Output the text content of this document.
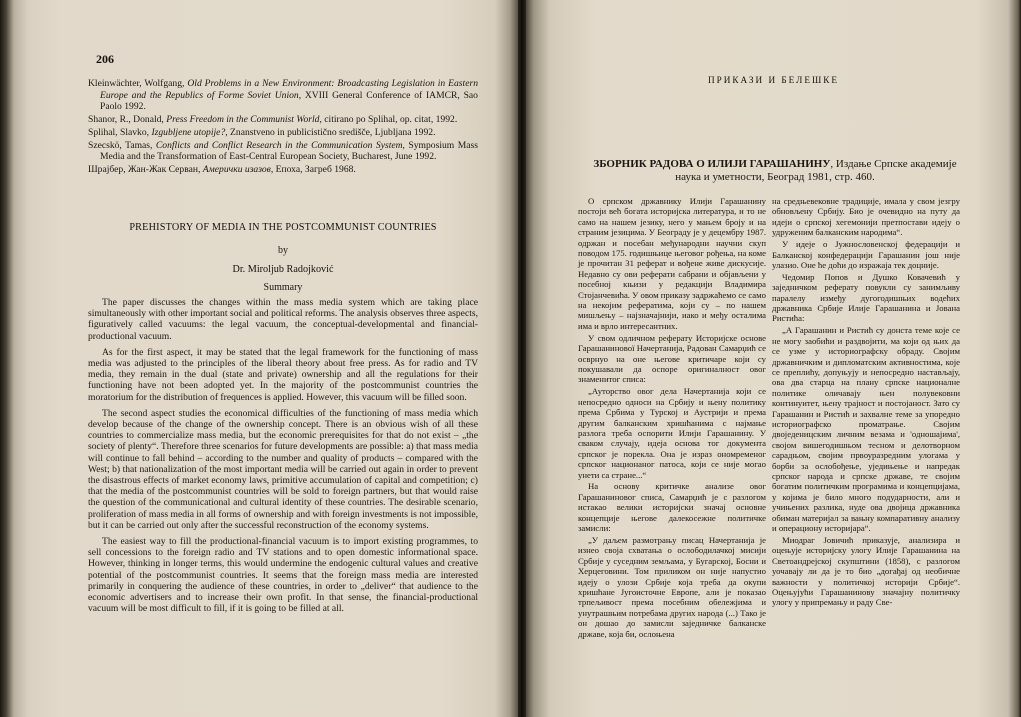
206
Kleinwächter, Wolfgang, Old Problems in a New Environment: Broadcasting Legislation in Eastern Europe and the Republics of Forme Soviet Union, XVIII General Conference of IAMCR, Sao Paolo 1992.
Shanor, R., Donald, Press Freedom in the Communist World, citirano po Splihal, op. citat, 1992.
Splihal, Slavko, Izgubljene utopije?, Znanstveno in publicistično središče, Ljubljana 1992.
Szecskö, Tamas, Conflicts and Conflict Research in the Communication System, Symposium Mass Media and the Transformation of East-Central European Society, Bucharest, June 1992.
Шрајбер, Жан-Жак Серван, Амерички изазов, Епоха, Загреб 1968.
PREHISTORY OF MEDIA IN THE POSTCOMMUNIST COUNTRIES
by
Dr. Miroljub Radojković
Summary

The paper discusses the changes within the mass media system which are taking place simultaneously with other important social and political reforms. The analysis observes three aspects, figuratively called vacuums: the legal vacuum, the conceptual-developmental and financial-productional vacuum.

As for the first aspect, it may be stated that the legal framework for the functioning of mass media was adjusted to the principles of the liberal theory about free press. As for radio and TV media, they remain in the dual (state and private) ownership and all the regulations for their functioning have not been adopted yet. In the majority of the postcommunist countries the moratorium for the distribution of frequences is applied. However, this vacuum will be filled soon.

The second aspect studies the economical difficulties of the functioning of mass media which develop because of the change of the ownership concept. There is an obvious wish of all these countries to commercialize mass media, but the economic prerequisites for that do not exist – „the society of plenty“. Therefore three scenarios for future developments are possible: a) that mass media will continue to fall behind – according to the number and quality of products – compared with the West; b) that nationalization of the most important media will be carried out again in order to prevent the disastrous effects of market economy laws, primitive accumulation of capital and competition; c) that the media of the postcommunist countries will be sold to foreign partners, but that would raise the question of the communicational and cultural identity of these countries. The desirable scenario, proliferation of mass media in all forms of ownership and with foreign investments is not impossible, but it can be carried out only after the successful reconstruction of the economy systems.

The easiest way to fill the productional-financial vacuum is to import existing programmes, to sell concessions to the foreign radio and TV stations and to open domestic informational space. However, thinking in longer terms, this would undermine the endogenic cultural values and creative potential of the postcommunist countries. It seems that the foreign mass media are interested primarily in conquering the audience of these countries, in order to „deliver“ that audience to the economic advertisers and to increase their own profit. In that sense, the financial-productional vacuum will be most difficult to fill, if it is going to be filled at all.

ПРИКАЗИ И БЕЛЕШКЕ
ЗБОРНИК РАДОВА О ИЛИЈИ ГАРАШАНИНУ, Издање Српске академије наука и уметности, Београд 1981, стр. 460.

О српском државнику Илији Гарашанину постоји већ богата историјска литература, и то не само на нашем језику, него у мањем броју и на страним језицима. У Београду је у децембру 1987. одржан и посебан међународни научни скуп поводом 175. годишњице његовог рођења, на коме је прочитан 31 реферат и вођене живе дискусије. Недавно су ови реферати сабрани и објављени у посебној књизи у редакцији Владимира Стојанчевића. У овом приказу задржаћемо се само на некојим рефератима, који су – по нашем мишљењу – најзначајнији, иако и међу осталима има и врло интересантних.

У свом одличном реферату Историјске основе Гарашанинової Начертанија, Радован Самарџић се осврнуо на оне његове критичаре који су покушавали да оспоре оригиналност овог знаменитог списа:

„Ауторство овог дела Начертанија који се непосредно односи на Србију и њену политику према Србима у Турској и Аустрији и према другим балканским хришћанима с најмање разлога треба оспорити Илији Гарашанину. У сваком случају, идеја основа тог документа српског је порекла. Она је израз ономременог српског национаног патоса, који се није могао унети са стране...“

На основу критичке анализе овог Гарашаниновог списа, Самарџић је с разлогом истакао велики историјски значај основне концепције његове далекосежне политичке замисли:

„У даљем размотрању писац Начертанија је изнео своја схватања о ослободилачкој мисији Србије у суседним земљама, у Бугарској, Босни и Херцеговини. Том приликом он није напустио идеју о улози Србије која треба да окупи хришћане Југоисточне Европе, али је показао трпељивост према посебним обележјима и унутрашњим потребама других народа (...) Тако је он дошао до замисли заједничке балканске државе, која би, ослоњена

на средњевековне традиције, имала у свом језгру обновљену Србију. Био је очевидно на путу да идеји о српској хегемонији претпостави идеју о удруженим балканским народима“.

У идеје о Јужнословенској федерацији и Балканској конфедерацији Гарашанин још није улазио. Оне ће доћи до изражаја тек доцније.

Чедомир Попов и Душко Ковачевић у заједничком реферату повукли су занимљиву паралелу између дугогодишњих водећих државника Србије Илије Гарашанина и Јована Ристића:

„А Гарашанин и Ристић су донста теме које се не могу заобићи и раздвојити, ма који од њих да се узме у историографску обраду. Својим државничким и дипломатским активностима, које се преплићу, допуњују и непосредно настављају, ова два старца на плану српске националне политике оличавају њен полувековни континуитет, њену трајност и постојаност. Зато су Гарашанин и Ристић и захвалне теме за упоредно историографско проматрање. Својим двоједеницским личним везама и 'однoшајима', својом вишегодишњом тесном и делотворном сарадњом, својим првоуразредним улогама у борби за ослобођење, уједињење и напредак српског народа и српске државе, те својим богатим политичким програмима и концепцијама, у којима је било много подударности, али и учињених разлика, нуде ова двојица државника обиман материјал за вањну компаративну анализу и операциону историјара“.

Миодраг Јовичић приказује, анализира и оцењује историјску улогу Илије Гарашанина на Светоандрејској скупштини (1858), с разлогом уочавају ли да је то био „догађај од необичне важности у политичкој историји Србије“. Оцењујући Гарашанинову значајну политичку улогу у припремању и раду Све-
